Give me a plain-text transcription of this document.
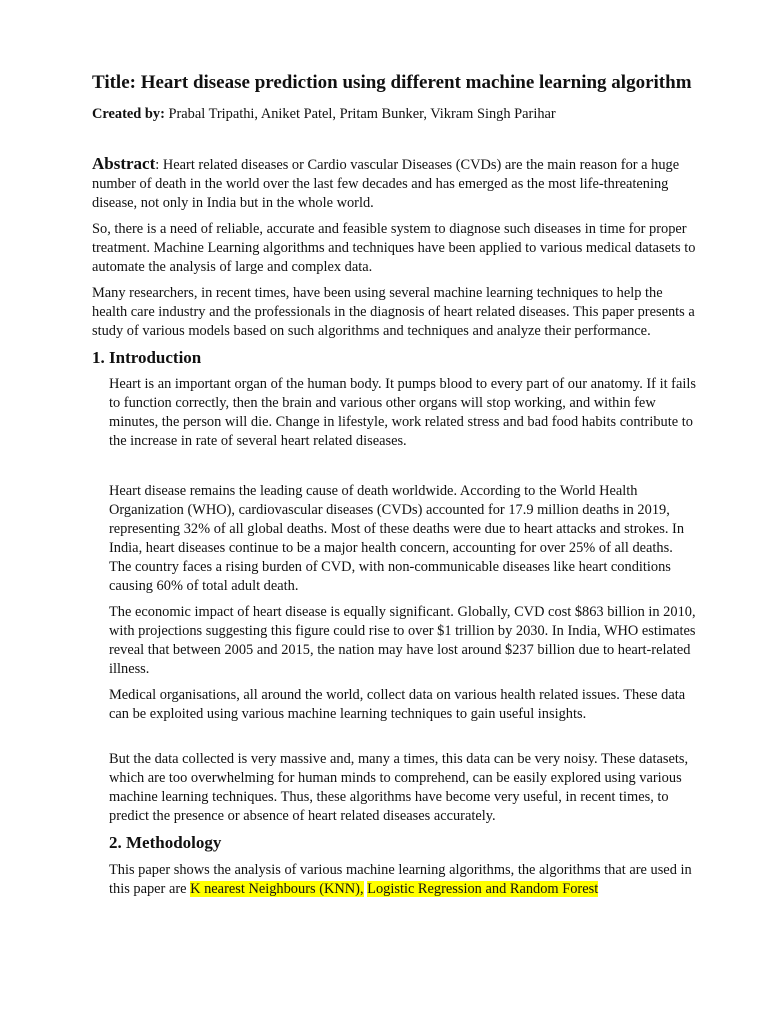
Title: Heart disease prediction using different machine learning algorithm

Created by: Prabal Tripathi, Aniket Patel, Pritam Bunker, Vikram Singh Parihar

Abstract: Heart related diseases or Cardio vascular Diseases (CVDs) are the main reason for a huge number of death in the world over the last few decades and has emerged as the most life-threatening disease, not only in India but in the whole world.

So, there is a need of reliable, accurate and feasible system to diagnose such diseases in time for proper treatment. Machine Learning algorithms and techniques have been applied to various medical datasets to automate the analysis of large and complex data.

Many researchers, in recent times, have been using several machine learning techniques to help the health care industry and the professionals in the diagnosis of heart related diseases. This paper presents a study of various models based on such algorithms and techniques and analyze their performance.

1. Introduction

Heart is an important organ of the human body. It pumps blood to every part of our anatomy. If it fails to function correctly, then the brain and various other organs will stop working, and within few minutes, the person will die. Change in lifestyle, work related stress and bad food habits contribute to the increase in rate of several heart related diseases.

Heart disease remains the leading cause of death worldwide. According to the World Health Organization (WHO), cardiovascular diseases (CVDs) accounted for 17.9 million deaths in 2019, representing 32% of all global deaths. Most of these deaths were due to heart attacks and strokes. In India, heart diseases continue to be a major health concern, accounting for over 25% of all deaths. The country faces a rising burden of CVD, with non-communicable diseases like heart conditions causing 60% of total adult death.

The economic impact of heart disease is equally significant. Globally, CVD cost $863 billion in 2010, with projections suggesting this figure could rise to over $1 trillion by 2030. In India, WHO estimates reveal that between 2005 and 2015, the nation may have lost around $237 billion due to heart-related illness.

Medical organisations, all around the world, collect data on various health related issues. These data can be exploited using various machine learning techniques to gain useful insights.

But the data collected is very massive and, many a times, this data can be very noisy. These datasets, which are too overwhelming for human minds to comprehend, can be easily explored using various machine learning techniques. Thus, these algorithms have become very useful, in recent times, to predict the presence or absence of heart related diseases accurately.

2. Methodology

This paper shows the analysis of various machine learning algorithms, the algorithms that are used in this paper are K nearest Neighbours (KNN), Logistic Regression and Random Forest
